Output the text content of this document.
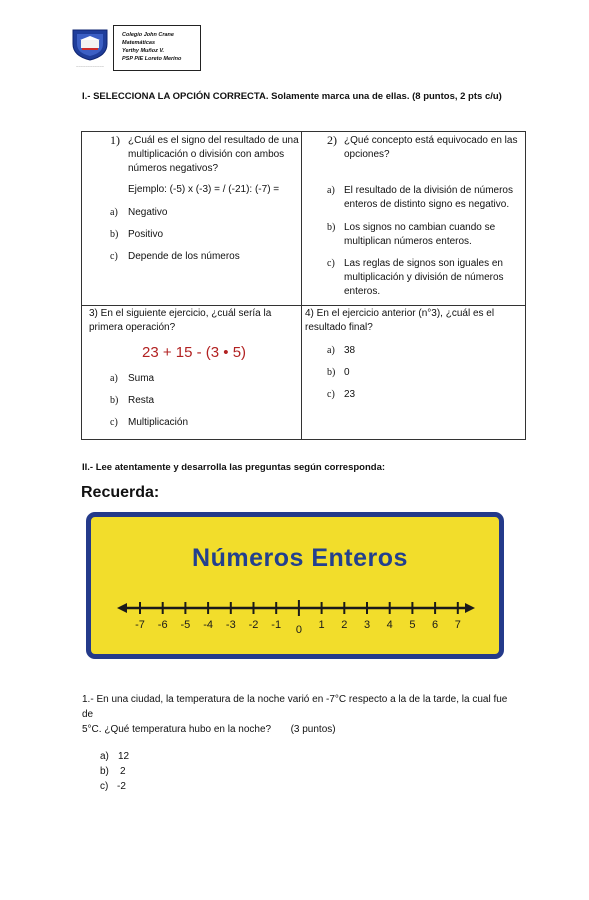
~~~~~~~~~~~~
Colegio John Crane
Matemáticas
Yerthy Muñoz V.
PSP PIE Loreto Merino
I.- SELECCIONA LA OPCIÓN CORRECTA. Solamente marca una de ellas. (8 puntos, 2 pts c/u)
1) ¿Cuál es el signo del resultado de una
multiplicación o división con ambos
números negativos?
Ejemplo: (-5) x (-3) = / (-21): (-7) =
a) Negativo
b) Positivo
c) Depende de los números
2) ¿Qué concepto está equivocado en las
opciones?
a) El resultado de la división de números
enteros de distinto signo es negativo.
b) Los signos no cambian cuando se
multiplican números enteros.
c) Las reglas de signos son iguales en
multiplicación y división de números
enteros.
3) En el siguiente ejercicio, ¿cuál sería la
primera operación?
23 + 15 - (3 • 5)
a) Suma
b) Resta
c) Multiplicación
4) En el ejercicio anterior (n°3), ¿cuál es el
resultado final?
a) 38
b) 0
c) 23
II.- Lee atentamente y desarrolla las preguntas según corresponda:
Recuerda:
Números Enteros
-7 -6 -5 -4 -3 -2 -1 0 1 2 3 4 5 6 7
1.- En una ciudad, la temperatura de la noche varió en -7°C respecto a la de la tarde, la cual fue de
5°C. ¿Qué temperatura hubo en la noche?       (3 puntos)
a) 12
b) 2
c) -2
